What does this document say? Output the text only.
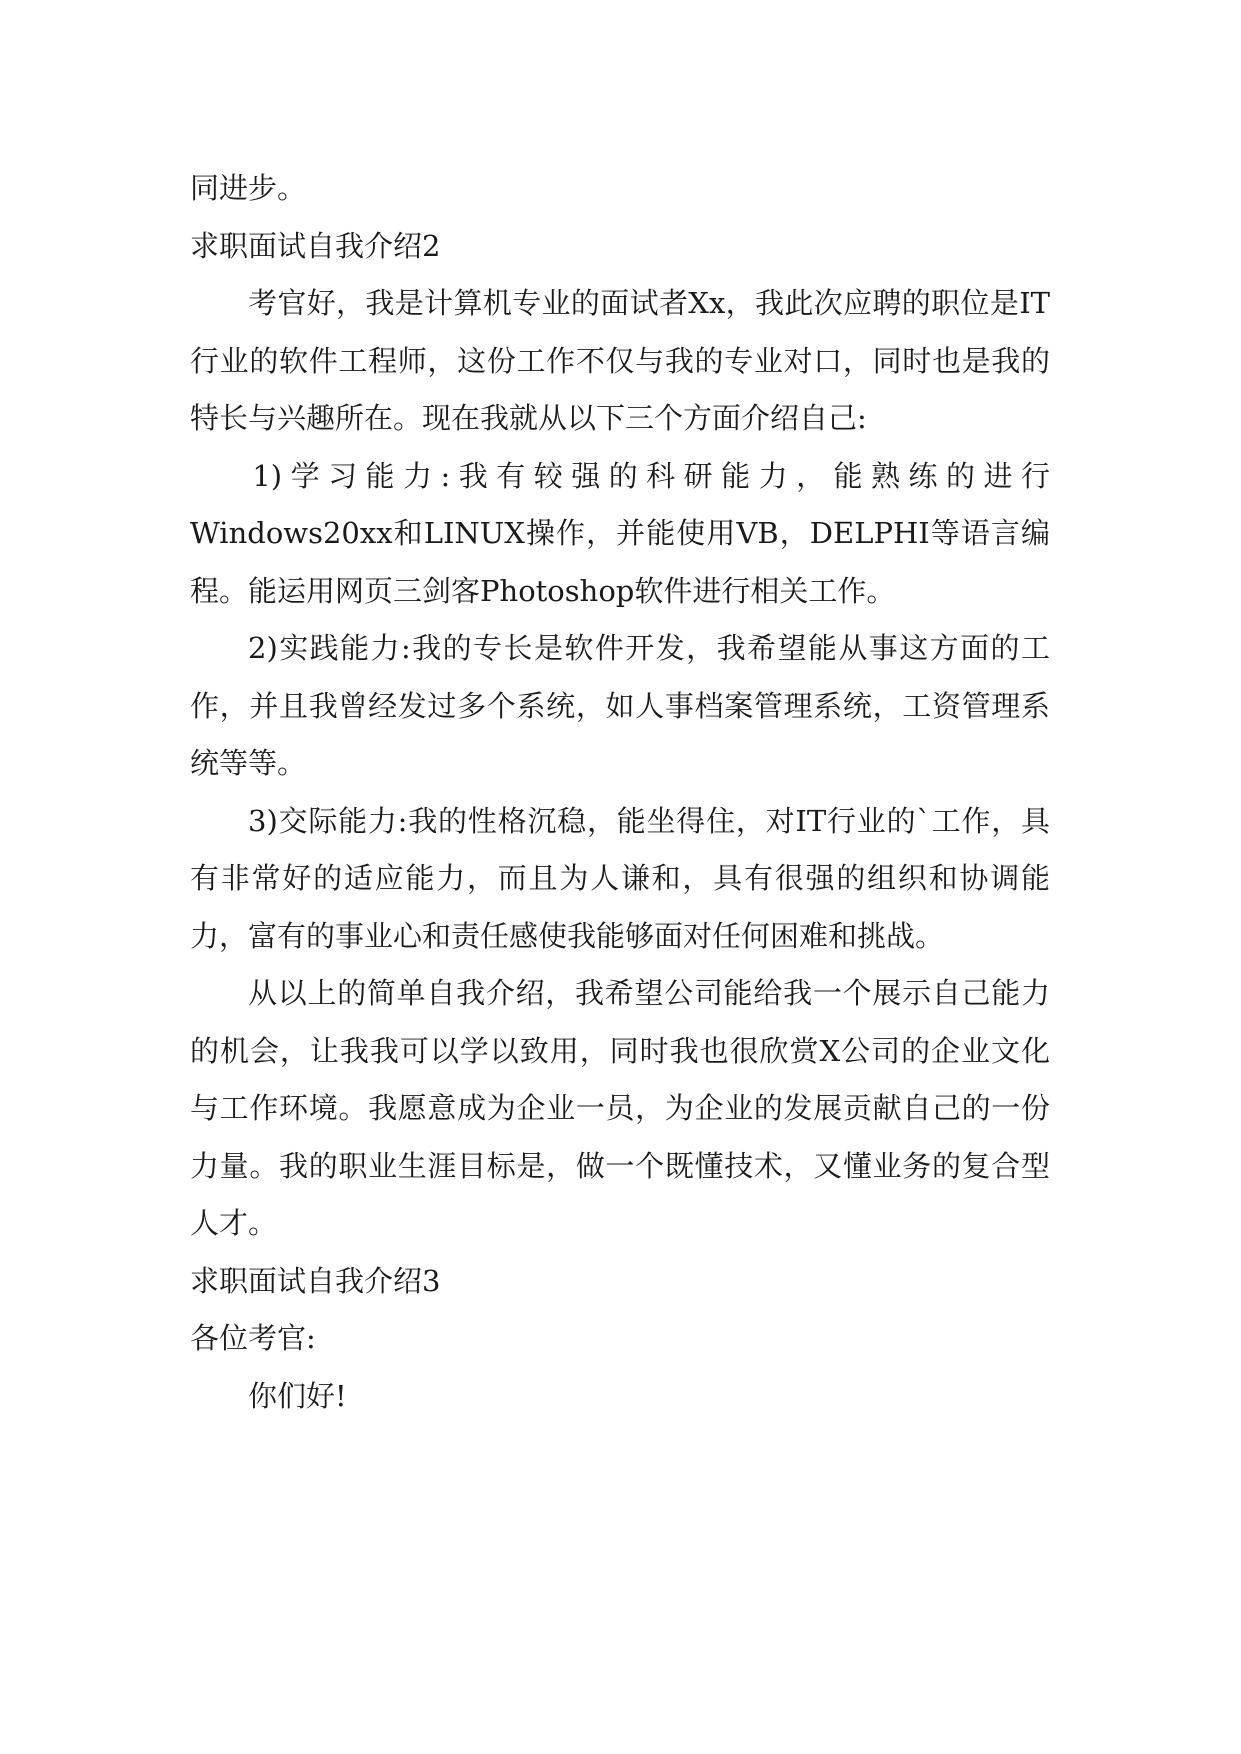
同进步。

求职面试自我介绍2

考官好，我是计算机专业的面试者Xx，我此次应聘的职位是IT行业的软件工程师，这份工作不仅与我的专业对口，同时也是我的特长与兴趣所在。现在我就从以下三个方面介绍自己:

1)学习能力:我有较强的科研能力，能熟练的进行Windows20xx和LINUX操作，并能使用VB，DELPHI等语言编程。能运用网页三剑客Photoshop软件进行相关工作。

2)实践能力:我的专长是软件开发，我希望能从事这方面的工作，并且我曾经发过多个系统，如人事档案管理系统，工资管理系统等等。

3)交际能力:我的性格沉稳，能坐得住，对IT行业的`工作，具有非常好的适应能力，而且为人谦和，具有很强的组织和协调能力，富有的事业心和责任感使我能够面对任何困难和挑战。

从以上的简单自我介绍，我希望公司能给我一个展示自己能力的机会，让我我可以学以致用，同时我也很欣赏X公司的企业文化与工作环境。我愿意成为企业一员，为企业的发展贡献自己的一份力量。我的职业生涯目标是，做一个既懂技术，又懂业务的复合型人才。

求职面试自我介绍3

各位考官:

你们好!
